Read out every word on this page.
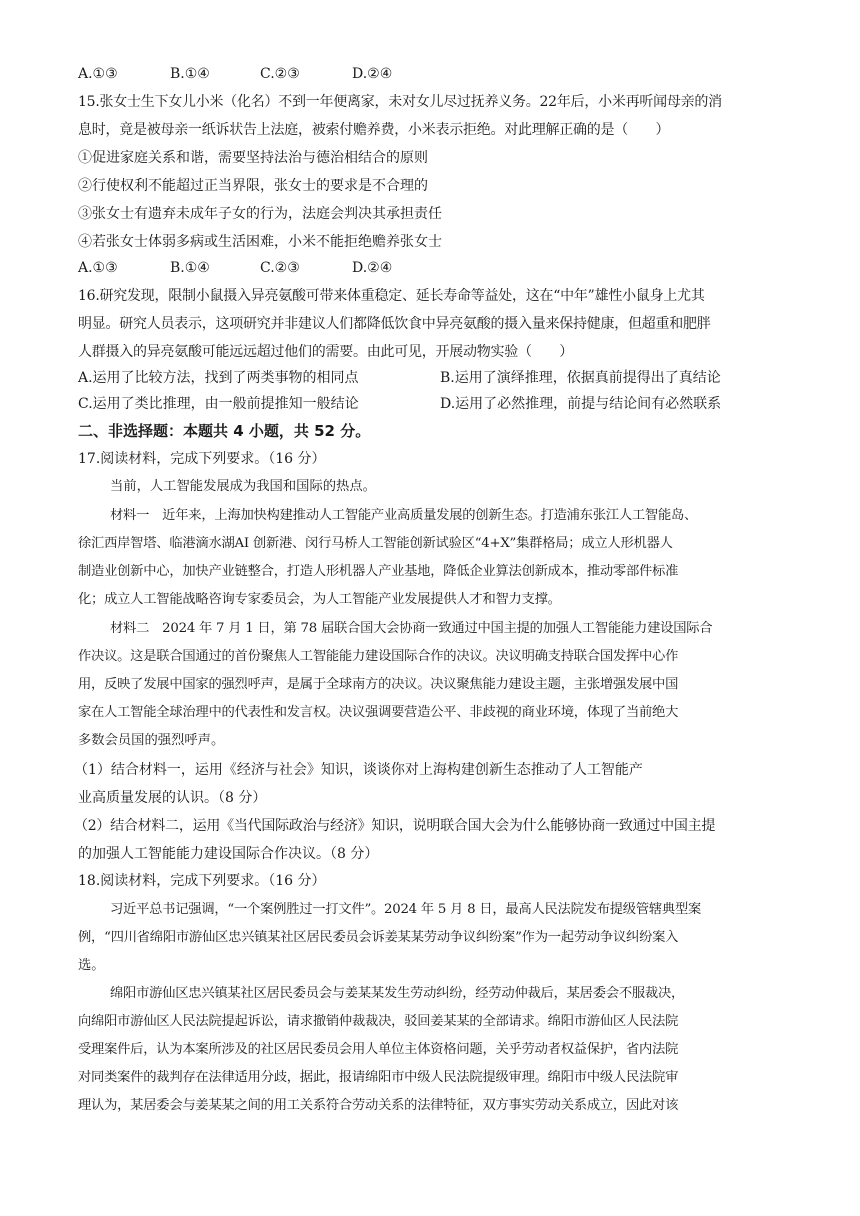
A.①③	B.①④	C.②③	D.②④
15.张女士生下女儿小米（化名）不到一年便离家，未对女儿尽过抚养义务。22年后，小米再听闻母亲的消
息时，竟是被母亲一纸诉状告上法庭，被索付赡养费，小米表示拒绝。对此理解正确的是（　　）
①促进家庭关系和谐，需要坚持法治与德治相结合的原则
②行使权利不能超过正当界限，张女士的要求是不合理的
③张女士有遗弃未成年子女的行为，法庭会判决其承担责任
④若张女士体弱多病或生活困难，小米不能拒绝赡养张女士
A.①③	B.①④	C.②③	D.②④
16.研究发现，限制小鼠摄入异亮氨酸可带来体重稳定、延长寿命等益处，这在“中年”雄性小鼠身上尤其
明显。研究人员表示，这项研究并非建议人们都降低饮食中异亮氨酸的摄入量来保持健康，但超重和肥胖
人群摄入的异亮氨酸可能远远超过他们的需要。由此可见，开展动物实验（　　）
A.运用了比较方法，找到了两类事物的相同点	B.运用了演绎推理，依据真前提得出了真结论
C.运用了类比推理，由一般前提推知一般结论	D.运用了必然推理，前提与结论间有必然联系
二、非选择题：本题共 4 小题，共 52 分。
17.阅读材料，完成下列要求。（16 分）
当前，人工智能发展成为我国和国际的热点。
材料一　近年来，上海加快构建推动人工智能产业高质量发展的创新生态。打造浦东张江人工智能岛、
徐汇西岸智塔、临港滴水湖AI 创新港、闵行马桥人工智能创新试验区“4+X”集群格局；成立人形机器人
制造业创新中心，加快产业链整合，打造人形机器人产业基地，降低企业算法创新成本，推动零部件标准
化；成立人工智能战略咨询专家委员会，为人工智能产业发展提供人才和智力支撑。
材料二　2024 年 7 月 1 日，第 78 届联合国大会协商一致通过中国主提的加强人工智能能力建设国际合
作决议。这是联合国通过的首份聚焦人工智能能力建设国际合作的决议。决议明确支持联合国发挥中心作
用，反映了发展中国家的强烈呼声，是属于全球南方的决议。决议聚焦能力建设主题，主张增强发展中国
家在人工智能全球治理中的代表性和发言权。决议强调要营造公平、非歧视的商业环境，体现了当前绝大
多数会员国的强烈呼声。
（1）结合材料一，运用《经济与社会》知识，谈谈你对上海构建创新生态推动了人工智能产
业高质量发展的认识。（8 分）
（2）结合材料二，运用《当代国际政治与经济》知识，说明联合国大会为什么能够协商一致通过中国主提
的加强人工智能能力建设国际合作决议。（8 分）
18.阅读材料，完成下列要求。（16 分）
习近平总书记强调，“一个案例胜过一打文件”。2024 年 5 月 8 日，最高人民法院发布提级管辖典型案
例，“四川省绵阳市游仙区忠兴镇某社区居民委员会诉姜某某劳动争议纠纷案”作为一起劳动争议纠纷案入
选。
绵阳市游仙区忠兴镇某社区居民委员会与姜某某发生劳动纠纷，经劳动仲裁后，某居委会不服裁决，
向绵阳市游仙区人民法院提起诉讼，请求撤销仲裁裁决，驳回姜某某的全部请求。绵阳市游仙区人民法院
受理案件后，认为本案所涉及的社区居民委员会用人单位主体资格问题，关乎劳动者权益保护，省内法院
对同类案件的裁判存在法律适用分歧，据此，报请绵阳市中级人民法院提级审理。绵阳市中级人民法院审
理认为，某居委会与姜某某之间的用工关系符合劳动关系的法律特征，双方事实劳动关系成立，因此对该
